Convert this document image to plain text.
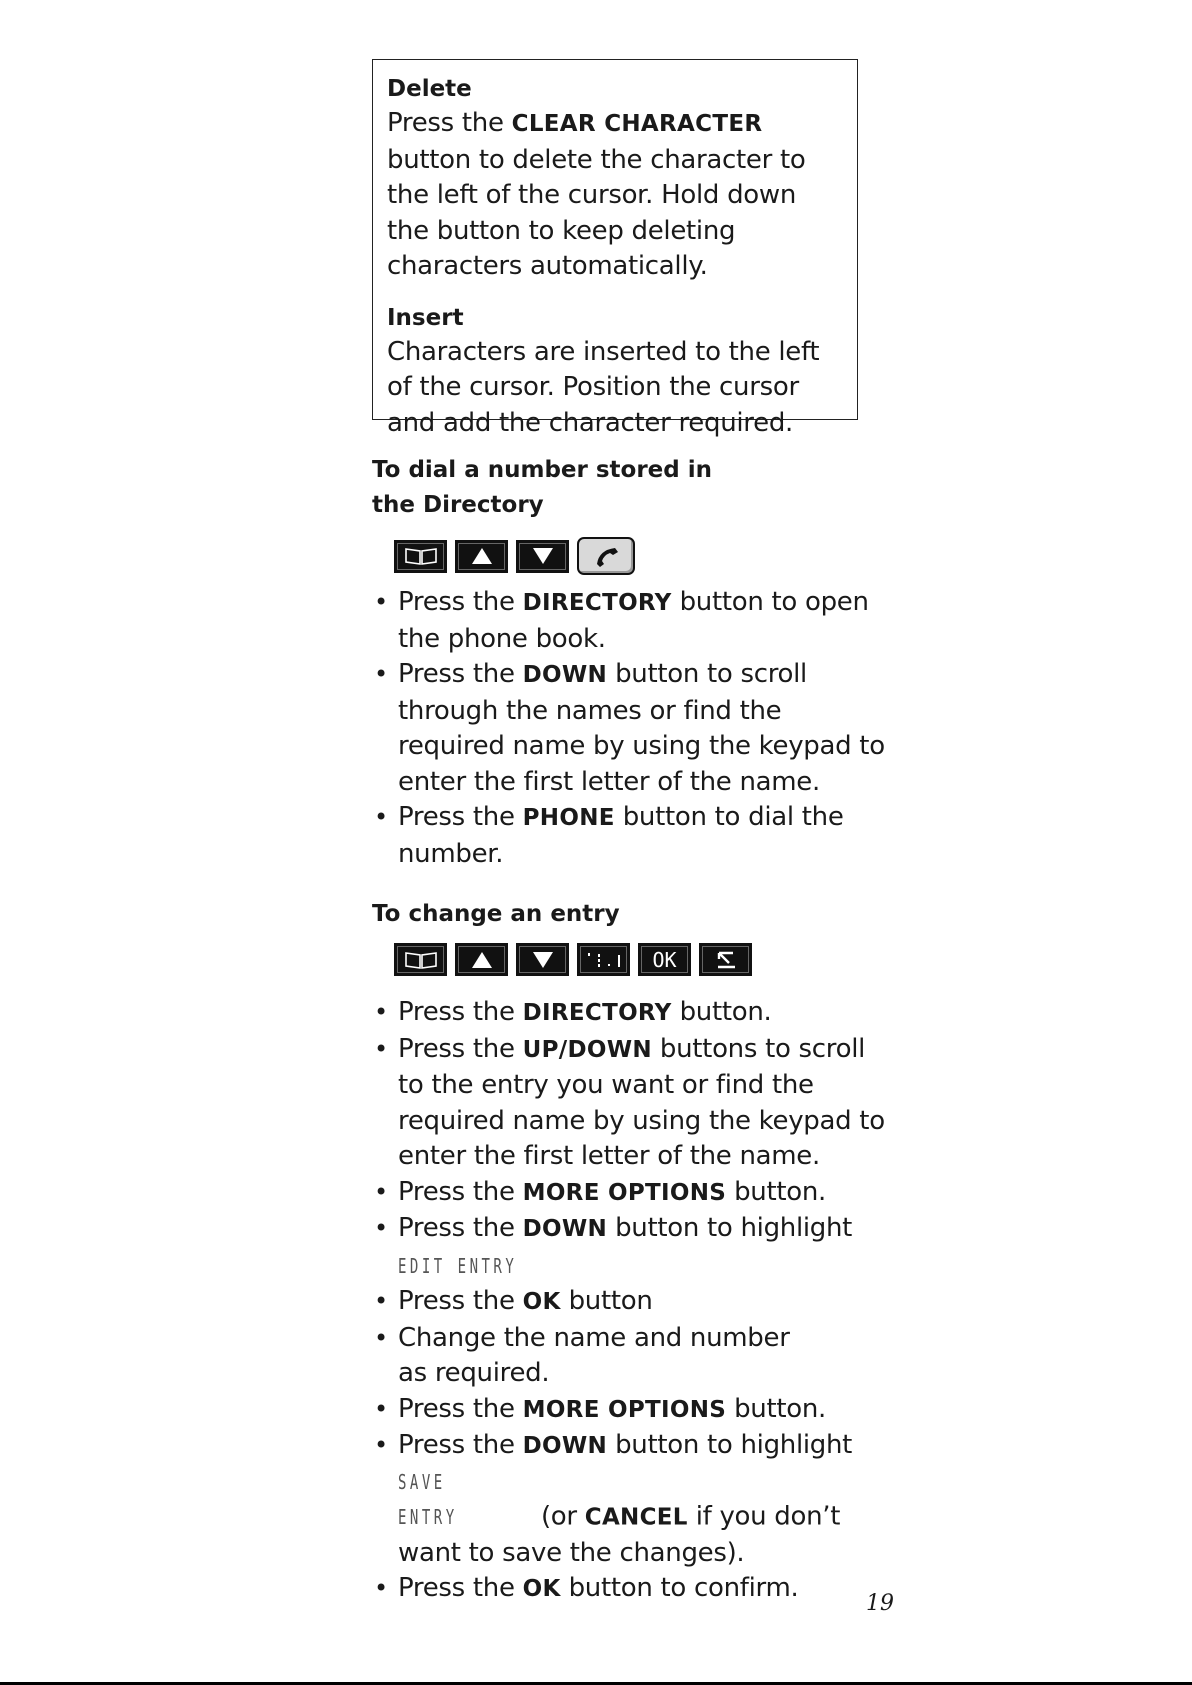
Delete

Press the CLEAR CHARACTER button to delete the character to the left of the cursor. Hold down the button to keep deleting characters automatically.

Insert

Characters are inserted to the left of the cursor. Position the cursor and add the character required.

To dial a number stored in
the Directory
• Press the DIRECTORY button to open the phone book.
• Press the DOWN button to scroll through the names or find the required name by using the keypad to enter the first letter of the name.
• Press the PHONE button to dial the number.
To change an entry
OK
• Press the DIRECTORY button.
• Press the UP/DOWN buttons to scroll to the entry you want or find the required name by using the keypad to enter the first letter of the name.
• Press the MORE OPTIONS button.
• Press the DOWN button to highlight
EDIT ENTRY
• Press the OK button
• Change the name and number as required.
• Press the MORE OPTIONS button.
• Press the DOWN button to highlight
SAVE ENTRY	(or CANCEL if you don’t want to save the changes).
• Press the OK button to confirm.
19
